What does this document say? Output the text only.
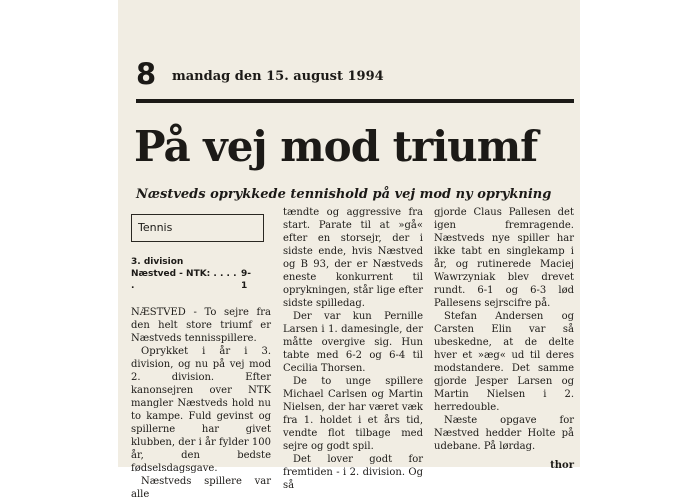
8 mandag den 15. august 1994
På vej mod triumf
Næstveds oprykkede tennishold på vej mod ny oprykning
Tennis
3. division
Næstved - NTK: . . . . .
9-1

NÆSTVED - To sejre fra den helt store triumf er Næstveds tennisspillere.

Oprykket i år i 3. division, og nu på vej mod 2. division. Efter kanonsejren over NTK mangler Næstveds hold nu to kampe. Fuld gevinst og spillerne har givet klubben, der i år fylder 100 år, den bedste fødselsdagsgave.

Næstveds spillere var alle

tændte og aggressive fra start. Parate til at »gå« efter en storsejr, der i sidste ende, hvis Næstved og B 93, der er Næstveds eneste konkurrent til oprykningen, står lige efter sidste spilledag.

Der var kun Pernille Larsen i 1. damesingle, der måtte overgive sig. Hun tabte med 6-2 og 6-4 til Cecilia Thorsen.

De to unge spillere Michael Carlsen og Martin Nielsen, der har været væk fra 1. holdet i et års tid, vendte flot tilbage med sejre og godt spil.

Det lover godt for fremtiden - i 2. division. Og så

gjorde Claus Pallesen det igen fremragende. Næstveds nye spiller har ikke tabt en singlekamp i år, og rutinerede Maciej Wawrzyniak blev drevet rundt. 6-1 og 6-3 lød Pallesens sejrscifre på.

Stefan Andersen og Carsten Elin var så ubeskedne, at de delte hver et »æg« ud til deres modstandere. Det samme gjorde Jesper Larsen og Martin Nielsen i 2. herredouble.

Næste opgave for Næstved hedder Holte på udebane. På lørdag.

thor
